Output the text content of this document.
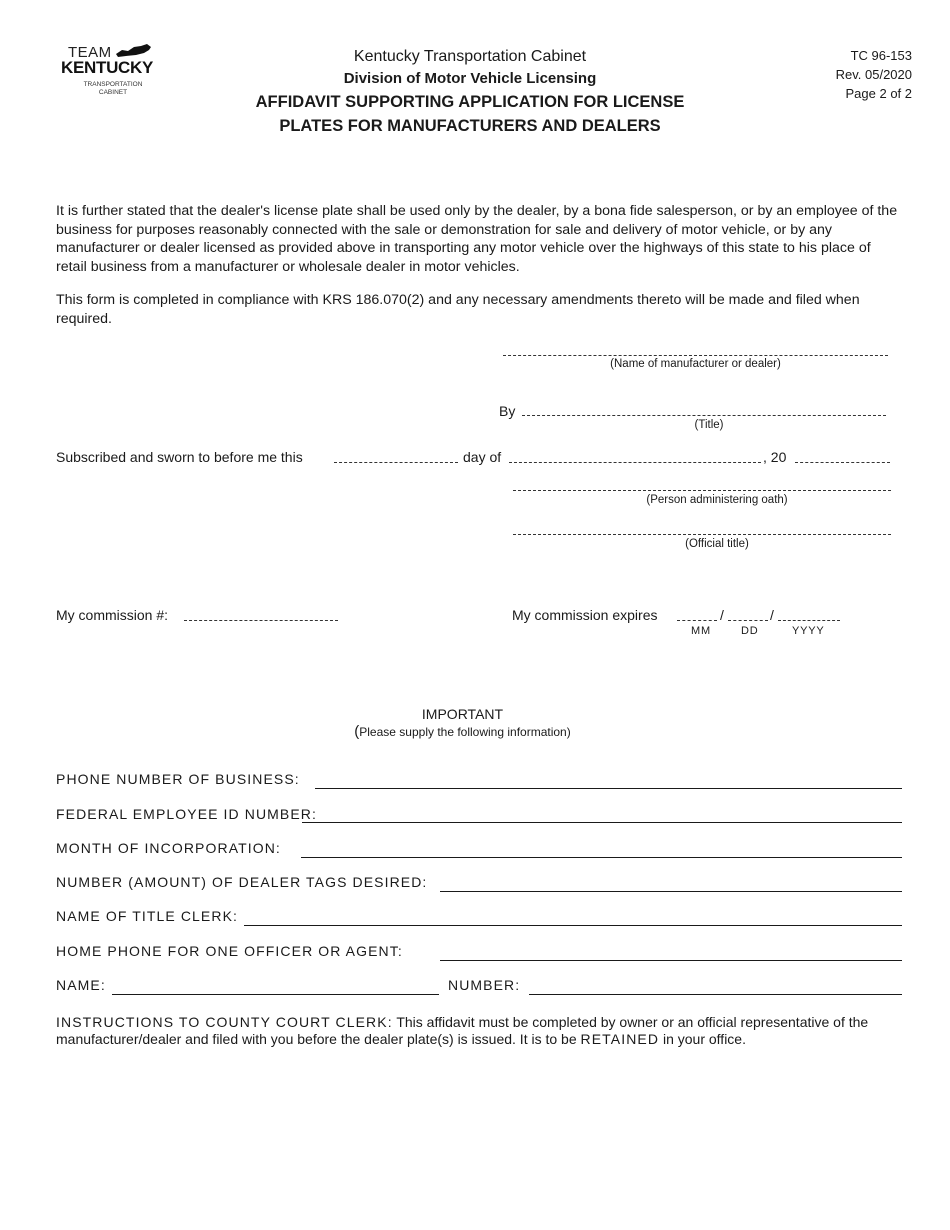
TEAM
KENTUCKY
TRANSPORTATION
CABINET
Kentucky Transportation Cabinet
Division of Motor Vehicle Licensing
AFFIDAVIT SUPPORTING APPLICATION FOR LICENSE
PLATES FOR MANUFACTURERS AND DEALERS
TC 96-153
Rev. 05/2020
Page 2 of 2
It is further stated that the dealer's license plate shall be used only by the dealer, by a bona fide salesperson, or by an employee of the business for purposes reasonably connected with the sale or demonstration for sale and delivery of motor vehicle, or by any manufacturer or dealer licensed as provided above in transporting any motor vehicle over the highways of this state to his place of retail business from a manufacturer or wholesale dealer in motor vehicles.
This form is completed in compliance with KRS 186.070(2) and any necessary amendments thereto will be made and filed when required.
(Name of manufacturer or dealer)
By
(Title)
Subscribed and sworn to before me this	day of	, 20
(Person administering oath)
(Official title)
My commission #:	My commission expires	/	/
MM	DD	YYYY
IMPORTANT
(Please supply the following information)
PHONE NUMBER OF BUSINESS:
FEDERAL EMPLOYEE ID NUMBER:
MONTH OF INCORPORATION:
NUMBER (AMOUNT) OF DEALER TAGS DESIRED:
NAME OF TITLE CLERK:
HOME PHONE FOR ONE OFFICER OR AGENT:
NAME:	NUMBER:
INSTRUCTIONS TO COUNTY COURT CLERK: This affidavit must be completed by owner or an official representative of the manufacturer/dealer and filed with you before the dealer plate(s) is issued. It is to be RETAINED in your office.
